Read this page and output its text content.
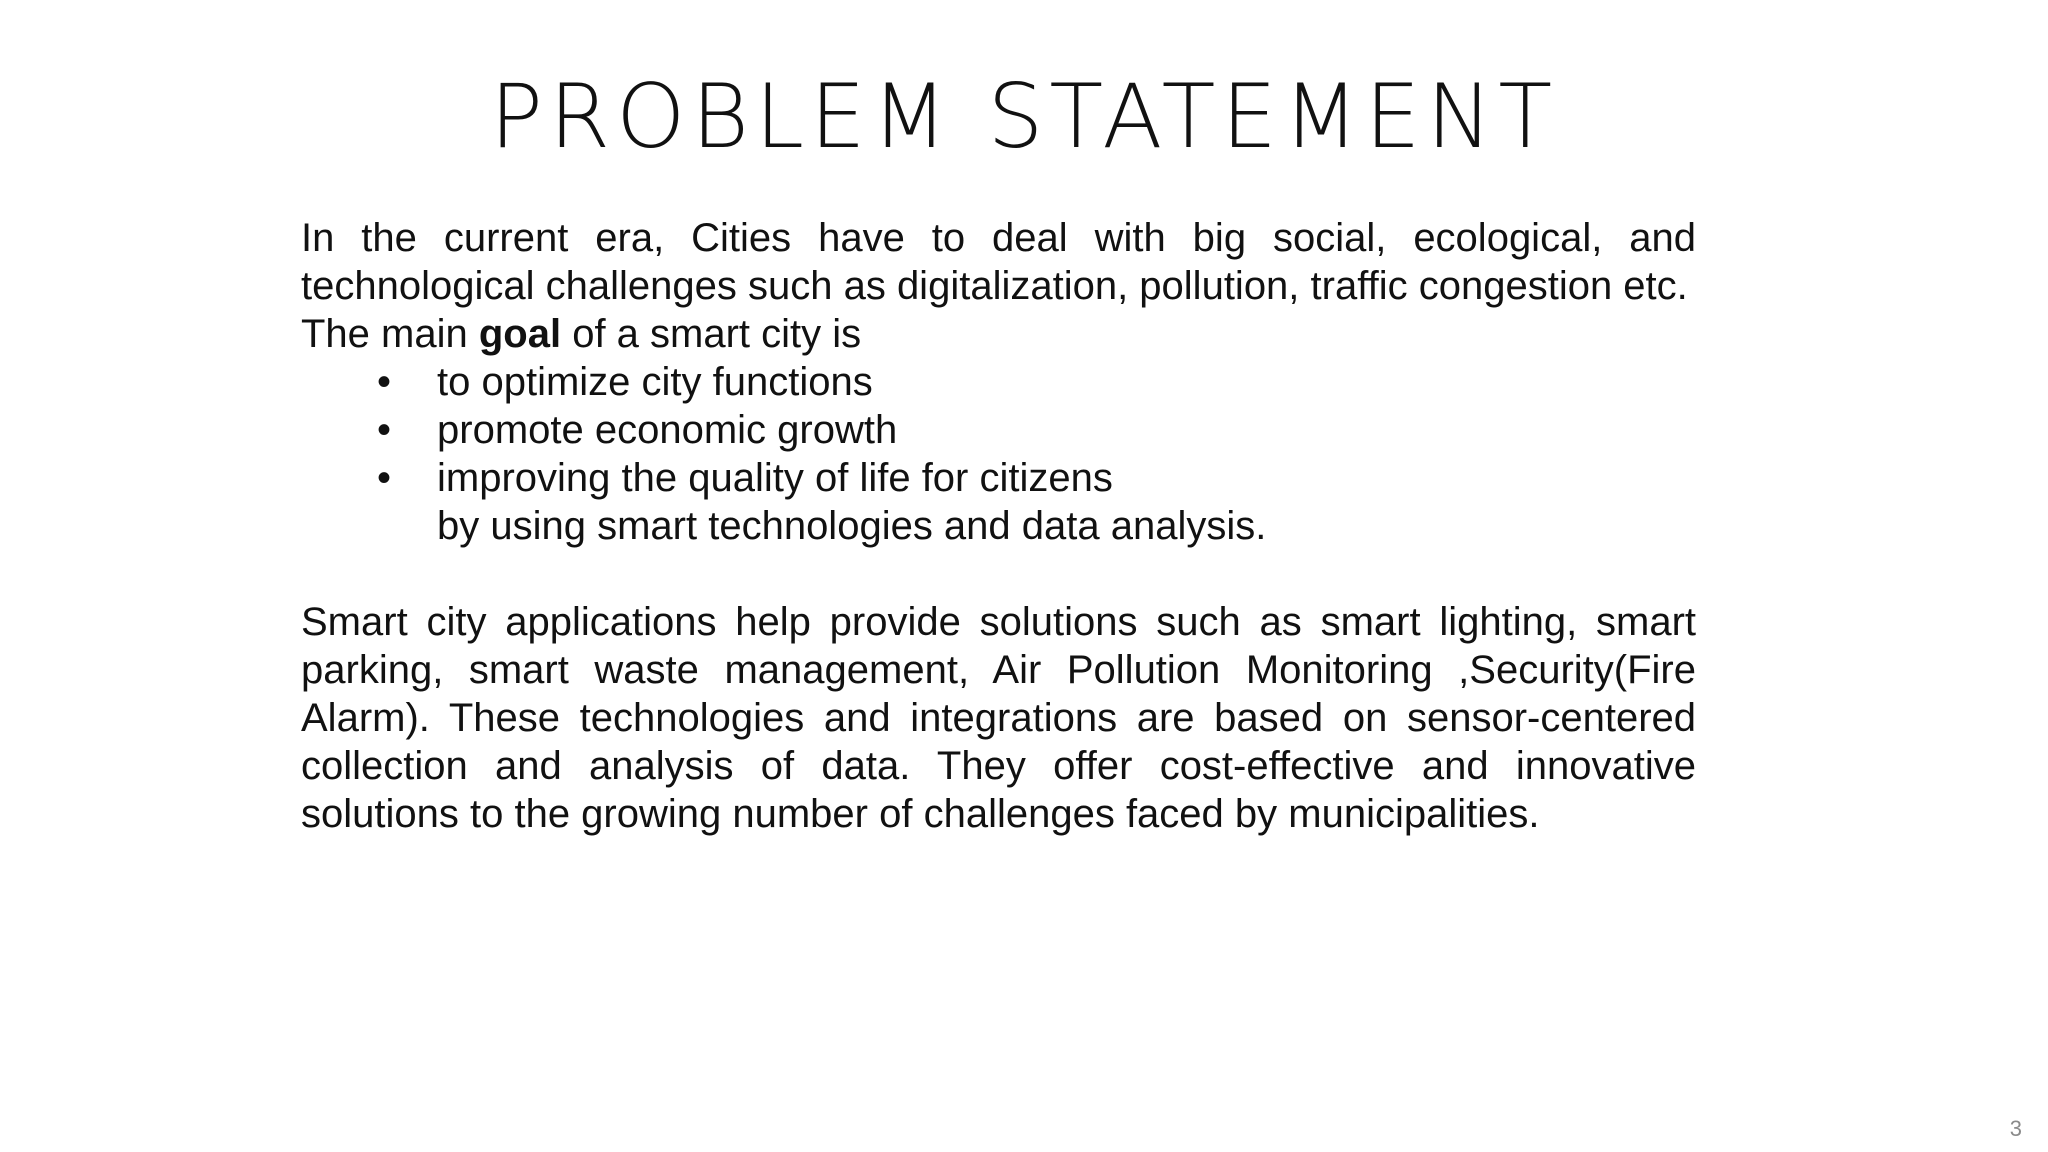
PROBLEM STATEMENT

In the current era, Cities have to deal with big social, ecological, and technological challenges such as digitalization, pollution, traffic congestion etc.

The main goal of a smart city is

• to optimize city functions
• promote economic growth
• improving the quality of life for citizens

by using smart technologies and data analysis.

Smart city applications help provide solutions such as smart lighting, smart parking, smart waste management, Air Pollution Monitoring ,Security(Fire Alarm). These technologies and integrations are based on sensor-centered collection and analysis of data. They offer cost-effective and innovative solutions to the growing number of challenges faced by municipalities.

3
